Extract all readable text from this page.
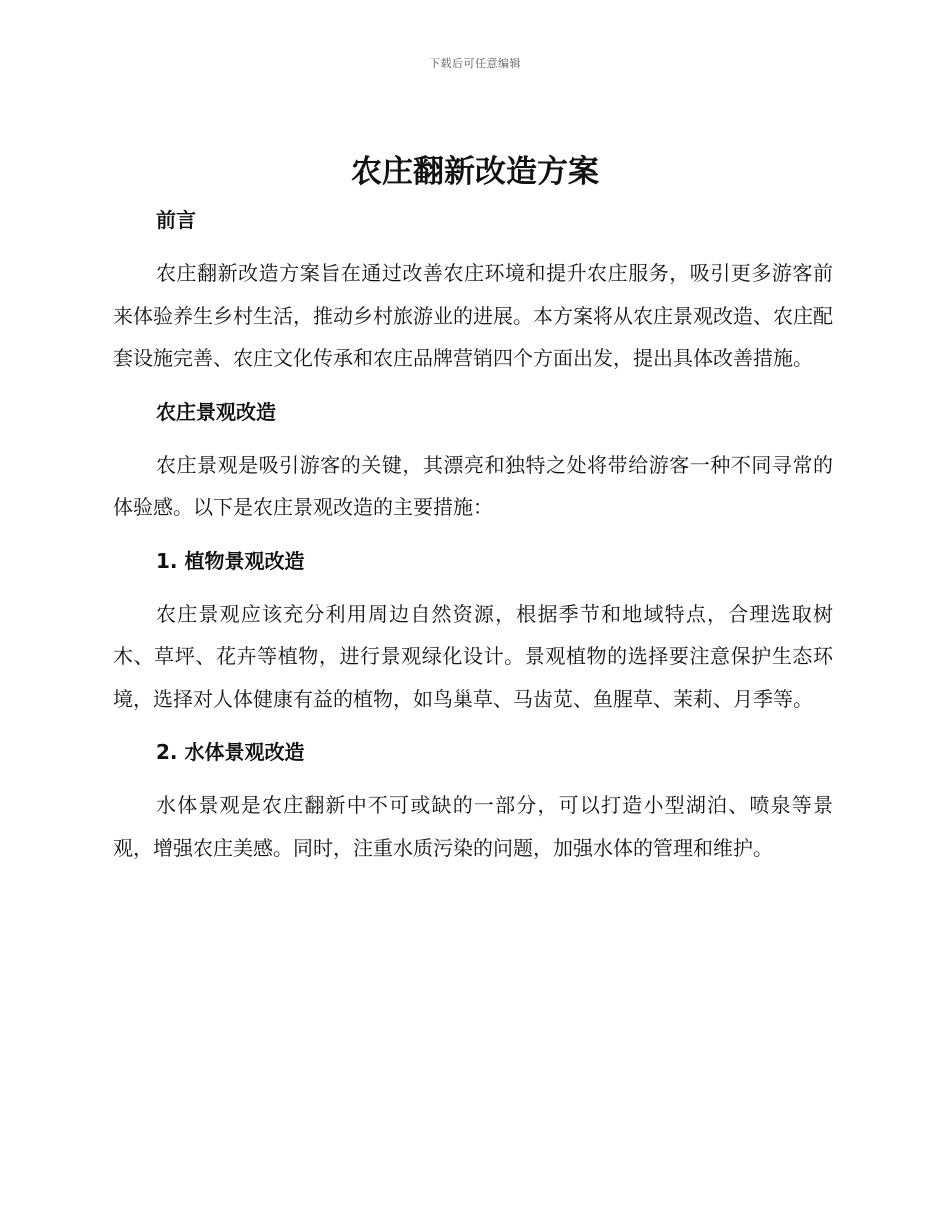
下载后可任意编辑
农庄翻新改造方案
前言

农庄翻新改造方案旨在通过改善农庄环境和提升农庄服务，吸引更多游客前来体验养生乡村生活，推动乡村旅游业的进展。本方案将从农庄景观改造、农庄配套设施完善、农庄文化传承和农庄品牌营销四个方面出发，提出具体改善措施。

农庄景观改造

农庄景观是吸引游客的关键，其漂亮和独特之处将带给游客一种不同寻常的体验感。以下是农庄景观改造的主要措施：

1. 植物景观改造

农庄景观应该充分利用周边自然资源，根据季节和地域特点，合理选取树木、草坪、花卉等植物，进行景观绿化设计。景观植物的选择要注意保护生态环境，选择对人体健康有益的植物，如鸟巢草、马齿苋、鱼腥草、茉莉、月季等。

2. 水体景观改造

水体景观是农庄翻新中不可或缺的一部分，可以打造小型湖泊、喷泉等景观，增强农庄美感。同时，注重水质污染的问题，加强水体的管理和维护。
